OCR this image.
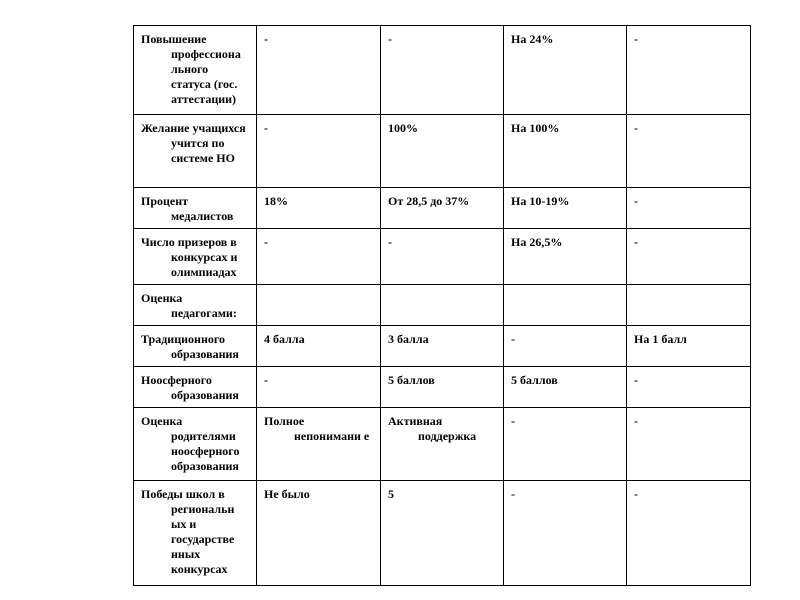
Повышение профессиона льного статуса (гос. аттестации)	-	-	На 24%	-

Желание учащихся учится по системе НО	-	100%	На 100%	-

Процент медалистов	18%	От 28,5 до 37%	На 10-19%	-

Число призеров в конкурсах и олимпиадах	-	-	На 26,5%	-

Оценка педагогами:				

Традиционного образования	4 балла	3 балла	-	На 1 балл

Ноосферного образования	-	5 баллов	5 баллов	-

Оценка родителями ноосферного образования	Полное непонимани е	Активная поддержка	-	-

Победы школ в региональн ых и государстве нных конкурсах	Не было	5	-	-
